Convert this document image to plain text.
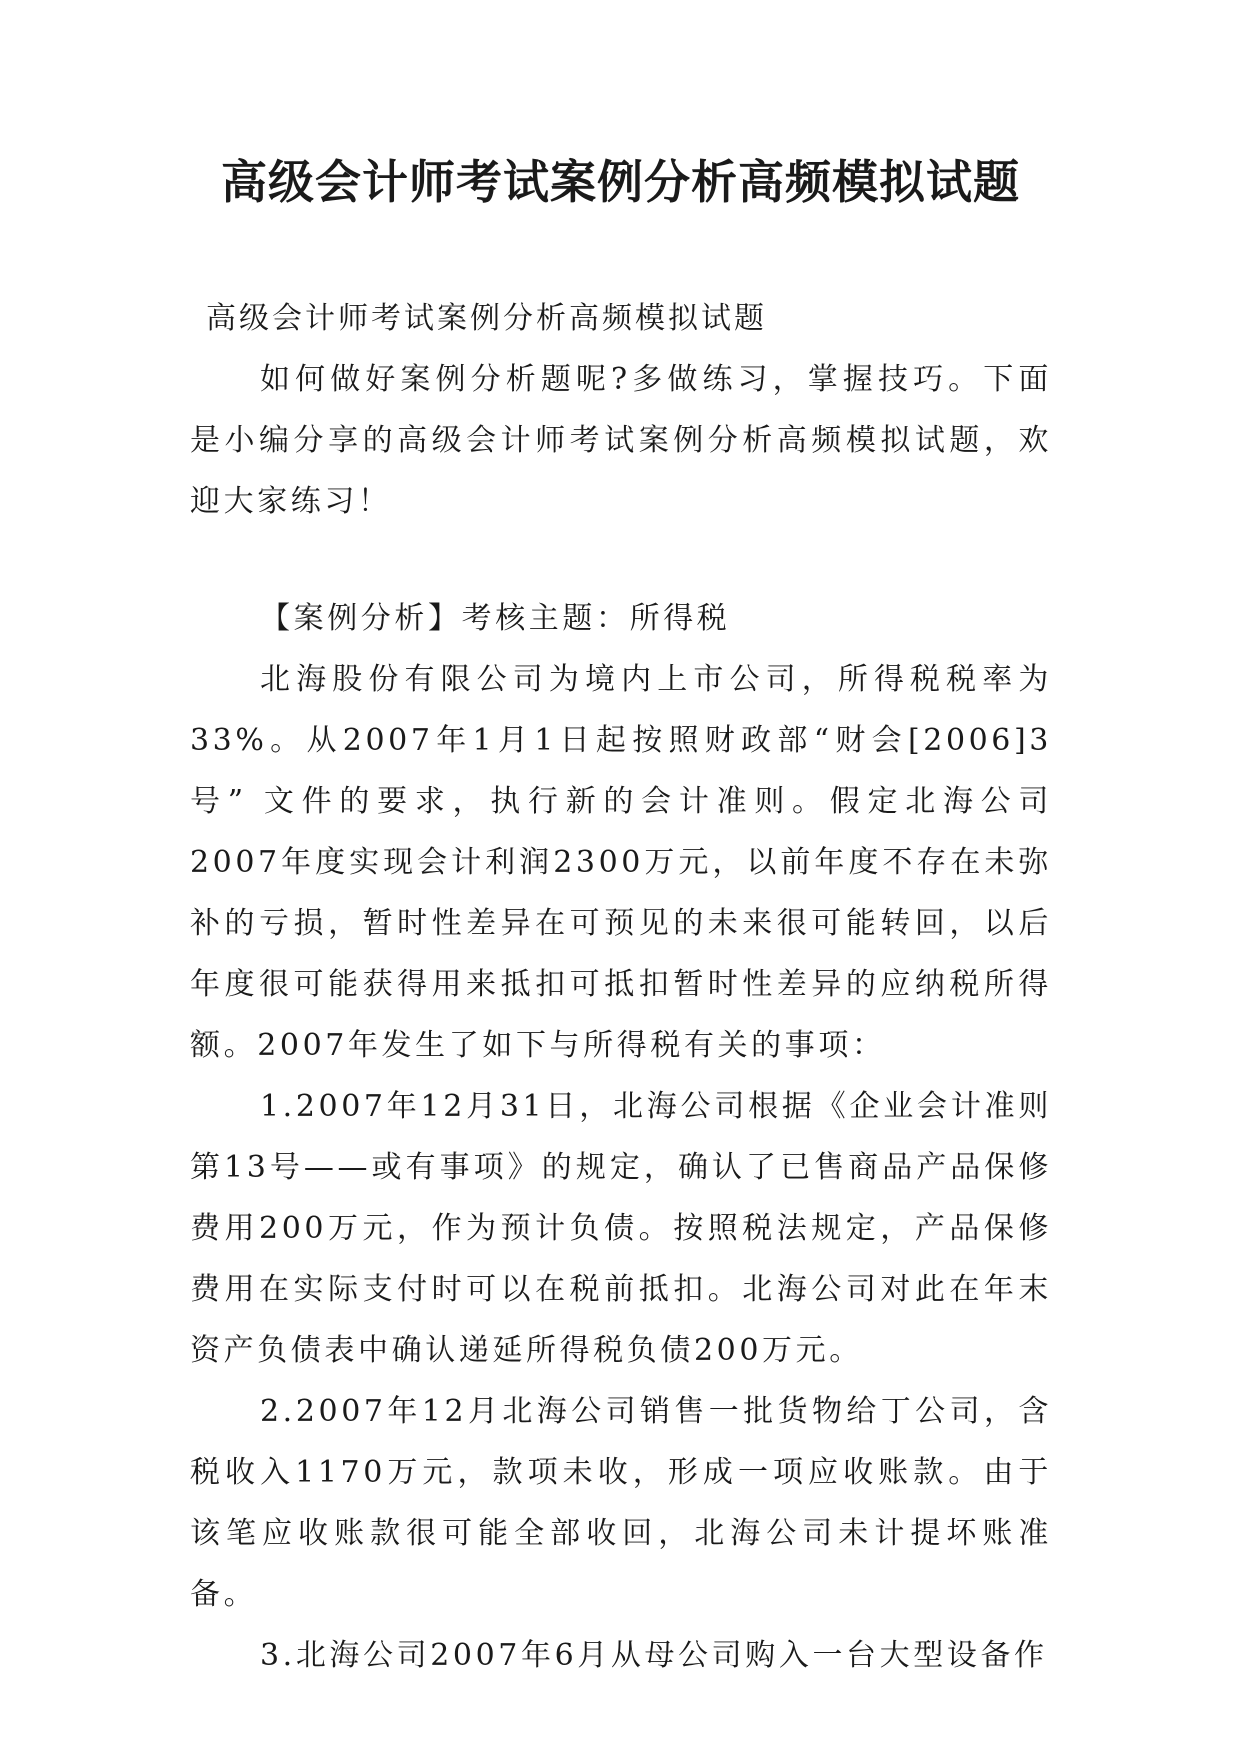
高级会计师考试案例分析高频模拟试题

高级会计师考试案例分析高频模拟试题

如何做好案例分析题呢?多做练习，掌握技巧。下面是小编分享的高级会计师考试案例分析高频模拟试题，欢迎大家练习！

【案例分析】考核主题：所得税

北海股份有限公司为境内上市公司，所得税税率为33%。从2007年1月1日起按照财政部“财会[2006]3号” 文件的要求，执行新的会计准则。假定北海公司2007年度实现会计利润2300万元，以前年度不存在未弥补的亏损，暂时性差异在可预见的未来很可能转回，以后年度很可能获得用来抵扣可抵扣暂时性差异的应纳税所得额。2007年发生了如下与所得税有关的事项：

1.2007年12月31日，北海公司根据《企业会计准则第13号——或有事项》的规定，确认了已售商品产品保修费用200万元，作为预计负债。按照税法规定，产品保修费用在实际支付时可以在税前抵扣。北海公司对此在年末资产负债表中确认递延所得税负债200万元。

2.2007年12月北海公司销售一批货物给丁公司，含税收入1170万元，款项未收，形成一项应收账款。由于该笔应收账款很可能全部收回，北海公司未计提坏账准备。

3.北海公司2007年6月从母公司购入一台大型设备作
